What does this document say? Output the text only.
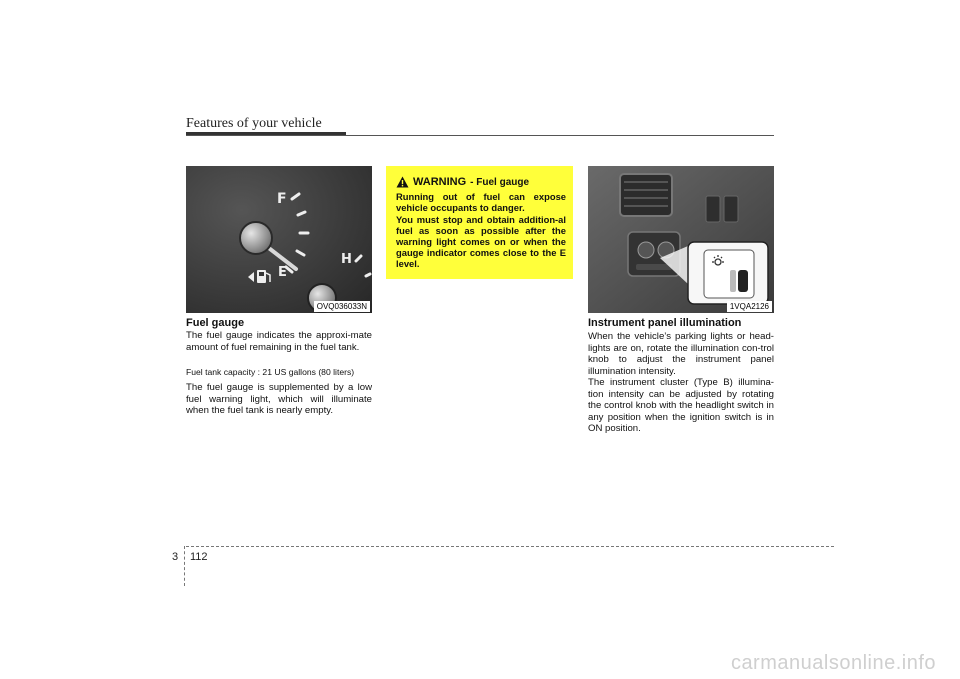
Features of your vehicle
F
E
H
OVQ036033N
Fuel gauge

The fuel gauge indicates the approxi-mate amount of fuel remaining in the fuel tank.

Fuel tank capacity : 21 US gallons (80 liters)

The fuel gauge is supplemented by a low fuel warning light, which will illuminate when the fuel tank is nearly empty.

WARNING - Fuel gauge

Running out of fuel can expose vehicle occupants to danger.

You must stop and obtain addition-al fuel as soon as possible after the warning light comes on or when the gauge indicator comes close to the E level.

1VQA2126
Instrument panel illumination

When the vehicle’s parking lights or head-lights are on, rotate the illumination con-trol knob to adjust the instrument panel illumination intensity.

The instrument cluster (Type B) illumina-tion intensity can be adjusted by rotating the control knob with the headlight switch in any position when the ignition switch is in ON position.

3 112
carmanualsonline.info
